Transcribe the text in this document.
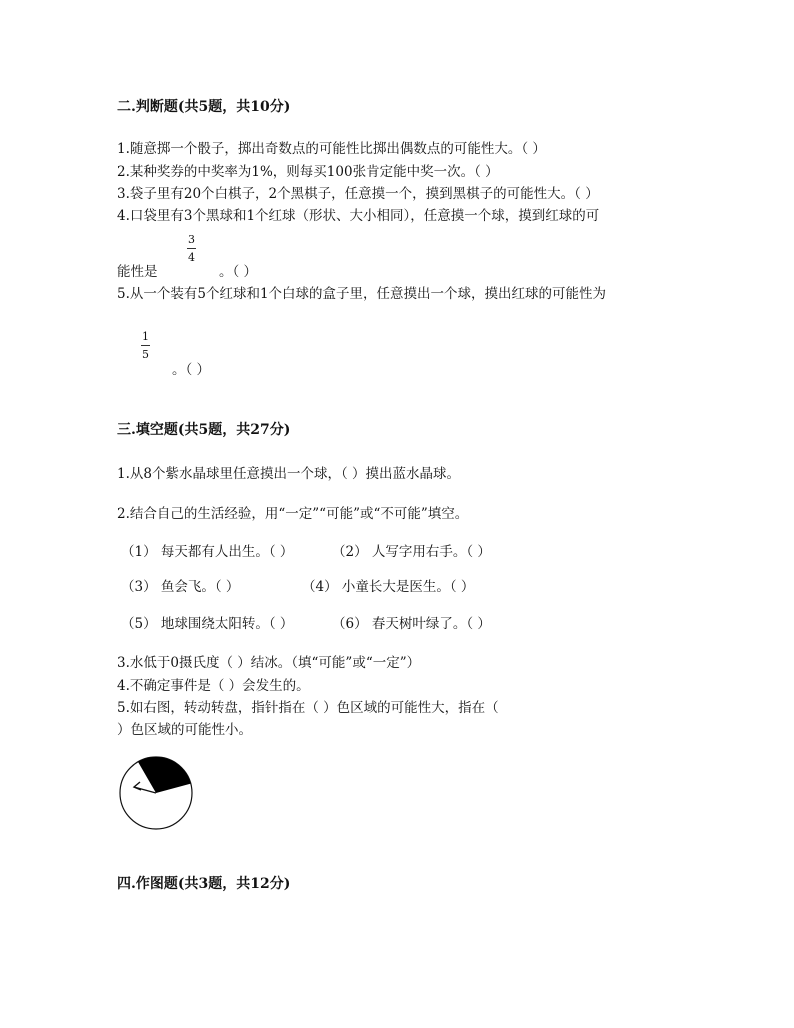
二.判断题(共5题，共10分)
1.随意掷一个骰子，掷出奇数点的可能性比掷出偶数点的可能性大。（ ）
2.某种奖券的中奖率为1%，则每买100张肯定能中奖一次。（ ）
3.袋子里有20个白棋子，2个黑棋子，任意摸一个，摸到黑棋子的可能性大。（ ）
4.口袋里有3个黑球和1个红球（形状、大小相同），任意摸一个球，摸到红球的可
3
4
能性是	。（ ）
5.从一个装有5个红球和1个白球的盒子里，任意摸出一个球，摸出红球的可能性为
1
5
。（ ）
三.填空题(共5题，共27分)
1.从8个紫水晶球里任意摸出一个球，（ ）摸出蓝水晶球。
2.结合自己的生活经验，用“一定”“可能”或“不可能”填空。
（1） 每天都有人出生。（ ）	（2） 人写字用右手。（ ）
（3） 鱼会飞。（ ）	（4） 小童长大是医生。（ ）
（5） 地球围绕太阳转。（ ）	（6） 春天树叶绿了。（ ）
3.水低于0摄氏度（ ）结冰。（填“可能”或“一定”）
4.不确定事件是（ ）会发生的。
5.如右图，转动转盘，指针指在（ ）色区域的可能性大，指在（
）色区域的可能性小。
四.作图题(共3题，共12分)
